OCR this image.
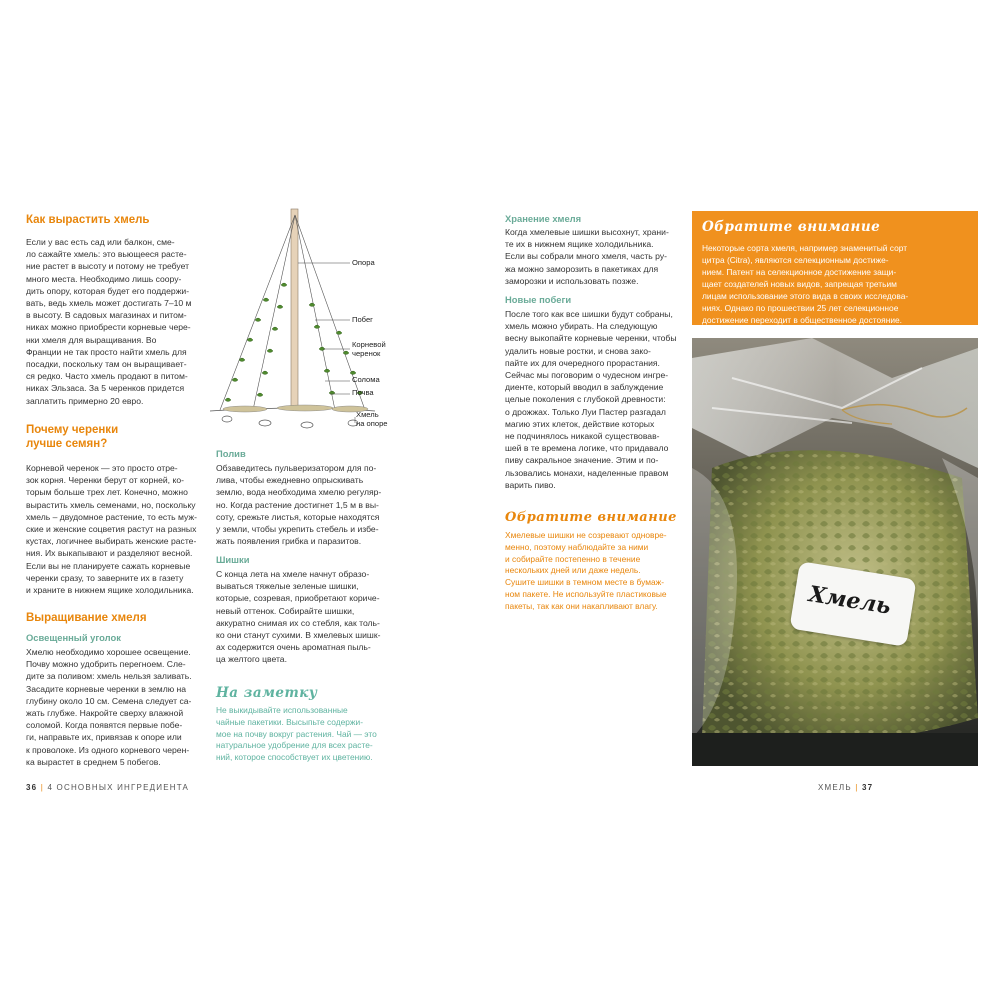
Как вырастить хмель
Если у вас есть сад или балкон, сме-
ло сажайте хмель: это вьющееся расте-
ние растет в высоту и потому не требует
много места. Необходимо лишь соору-
дить опору, которая будет его поддержи-
вать, ведь хмель может достигать 7–10 м
в высоту. В садовых магазинах и питом-
никах можно приобрести корневые чере-
нки хмеля для выращивания. Во
Франции не так просто найти хмель для
посадки, поскольку там он выращивает-
ся редко. Часто хмель продают в питом-
никах Эльзаса. За 5 черенков придется
заплатить примерно 20 евро.
Почему черенки
лучше семян?
Корневой черенок — это просто отре-
зок корня. Черенки берут от корней, ко-
торым больше трех лет. Конечно, можно
вырастить хмель семенами, но, поскольку
хмель – двудомное растение, то есть муж-
ские и женские соцветия растут на разных
кустах, логичнее выбирать женские расте-
ния. Их выкапывают и разделяют весной.
Если вы не планируете сажать корневые
черенки сразу, то заверните их в газету
и храните в нижнем ящике холодильника.
Выращивание хмеля
Освещенный уголок
Хмелю необходимо хорошее освещение.
Почву можно удобрить перегноем. Сле-
дите за поливом: хмель нельзя заливать.
Засадите корневые черенки в землю на
глубину около 10 см. Семена следует са-
жать глубже. Накройте сверху влажной
соломой. Когда появятся первые побе-
ги, направьте их, привязав к опоре или
к проволоке. Из одного корневого черен-
ка вырастет в среднем 5 побегов.
Опора
Побег
Корневой
черенок
Солома
Почва
Хмель
на опоре
Полив
Обзаведитесь пульверизатором для по-
лива, чтобы ежедневно опрыскивать
землю, вода необходима хмелю регуляр-
но. Когда растение достигнет 1,5 м в вы-
соту, срежьте листья, которые находятся
у земли, чтобы укрепить стебель и избе-
жать появления грибка и паразитов.
Шишки
С конца лета на хмеле начнут образо-
вываться тяжелые зеленые шишки,
которые, созревая, приобретают кориче-
невый оттенок. Собирайте шишки,
аккуратно снимая их со стебля, как толь-
ко они станут сухими. В хмелевых шишк-
ах содержится очень ароматная пыль-
ца желтого цвета.
На заметку
Не выкидывайте использованные
чайные пакетики. Высыпьте содержи-
мое на почву вокруг растения. Чай — это
натуральное удобрение для всех расте-
ний, которое способствует их цветению.
36 | 4 ОСНОВНЫХ ИНГРЕДИЕНТА
Хранение хмеля
Когда хмелевые шишки высохнут, храни-
те их в нижнем ящике холодильника.
Если вы собрали много хмеля, часть ру-
жа можно заморозить в пакетиках для
заморозки и использовать позже.
Новые побеги
После того как все шишки будут собраны,
хмель можно убирать. На следующую
весну выкопайте корневые черенки, чтобы
удалить новые ростки, и снова зако-
пайте их для очередного прорастания.
Сейчас мы поговорим о чудесном ингре-
диенте, который вводил в заблуждение
целые поколения с глубокой древности:
о дрожжах. Только Луи Пастер разгадал
магию этих клеток, действие которых
не подчинялось никакой существовав-
шей в те времена логике, что придавало
пиву сакральное значение. Этим и по-
льзовались монахи, наделенные правом
варить пиво.
Обратите внимание
Хмелевые шишки не созревают одновре-
менно, поэтому наблюдайте за ними
и собирайте постепенно в течение
нескольких дней или даже недель.
Сушите шишки в темном месте в бумаж-
ном пакете. Не используйте пластиковые
пакеты, так как они накапливают влагу.
Обратите внимание
Некоторые сорта хмеля, например знаменитый сорт
цитра (Citra), являются селекционным достиже-
нием. Патент на селекционное достижение защи-
щает создателей новых видов, запрещая третьим
лицам использование этого вида в своих исследова-
ниях. Однако по прошествии 25 лет селекционное
достижение переходит в общественное достояние.
Хмель
ХМЕЛЬ | 37
